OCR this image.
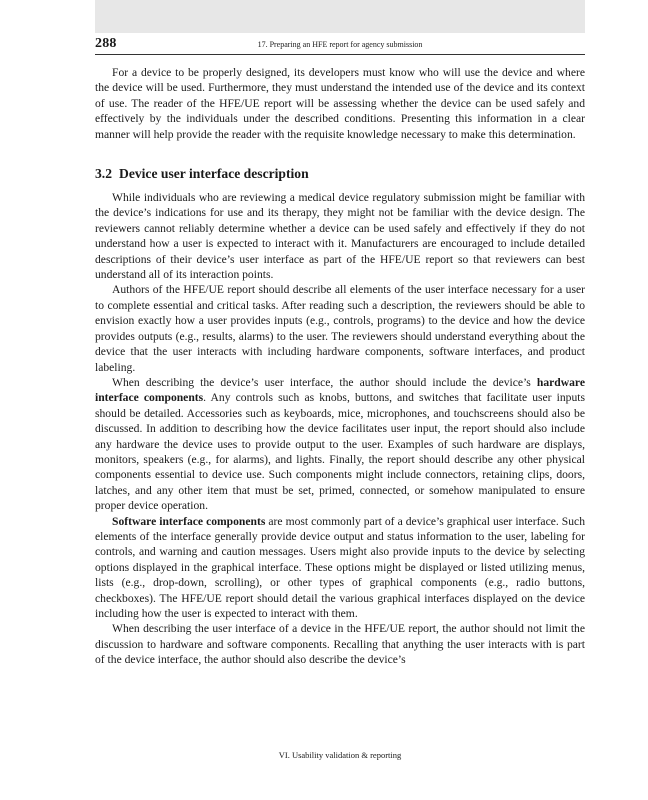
288	17. Preparing an HFE report for agency submission

For a device to be properly designed, its developers must know who will use the device and where the device will be used. Furthermore, they must understand the intended use of the device and its context of use. The reader of the HFE/UE report will be assessing whether the device can be used safely and effectively by the individuals under the described conditions. Presenting this information in a clear manner will help provide the reader with the requisite knowledge necessary to make this determination.

3.2 Device user interface description

While individuals who are reviewing a medical device regulatory submission might be familiar with the device’s indications for use and its therapy, they might not be familiar with the device design. The reviewers cannot reliably determine whether a device can be used safely and effectively if they do not understand how a user is expected to interact with it. Manufacturers are encouraged to include detailed descriptions of their device’s user interface as part of the HFE/UE report so that reviewers can best understand all of its interaction points.

Authors of the HFE/UE report should describe all elements of the user interface necessary for a user to complete essential and critical tasks. After reading such a description, the reviewers should be able to envision exactly how a user provides inputs (e.g., controls, programs) to the device and how the device provides outputs (e.g., results, alarms) to the user. The reviewers should understand everything about the device that the user interacts with including hardware components, software interfaces, and product labeling.

When describing the device’s user interface, the author should include the device’s hardware interface components. Any controls such as knobs, buttons, and switches that facilitate user inputs should be detailed. Accessories such as keyboards, mice, microphones, and touchscreens should also be discussed. In addition to describing how the device facilitates user input, the report should also include any hardware the device uses to provide output to the user. Examples of such hardware are displays, monitors, speakers (e.g., for alarms), and lights. Finally, the report should describe any other physical components essential to device use. Such components might include connectors, retaining clips, doors, latches, and any other item that must be set, primed, connected, or somehow manipulated to ensure proper device operation.

Software interface components are most commonly part of a device’s graphical user interface. Such elements of the interface generally provide device output and status information to the user, labeling for controls, and warning and caution messages. Users might also provide inputs to the device by selecting options displayed in the graphical interface. These options might be displayed or listed utilizing menus, lists (e.g., drop-down, scrolling), or other types of graphical components (e.g., radio buttons, checkboxes). The HFE/UE report should detail the various graphical interfaces displayed on the device including how the user is expected to interact with them.

When describing the user interface of a device in the HFE/UE report, the author should not limit the discussion to hardware and software components. Recalling that anything the user interacts with is part of the device interface, the author should also describe the device’s

VI. Usability validation & reporting
